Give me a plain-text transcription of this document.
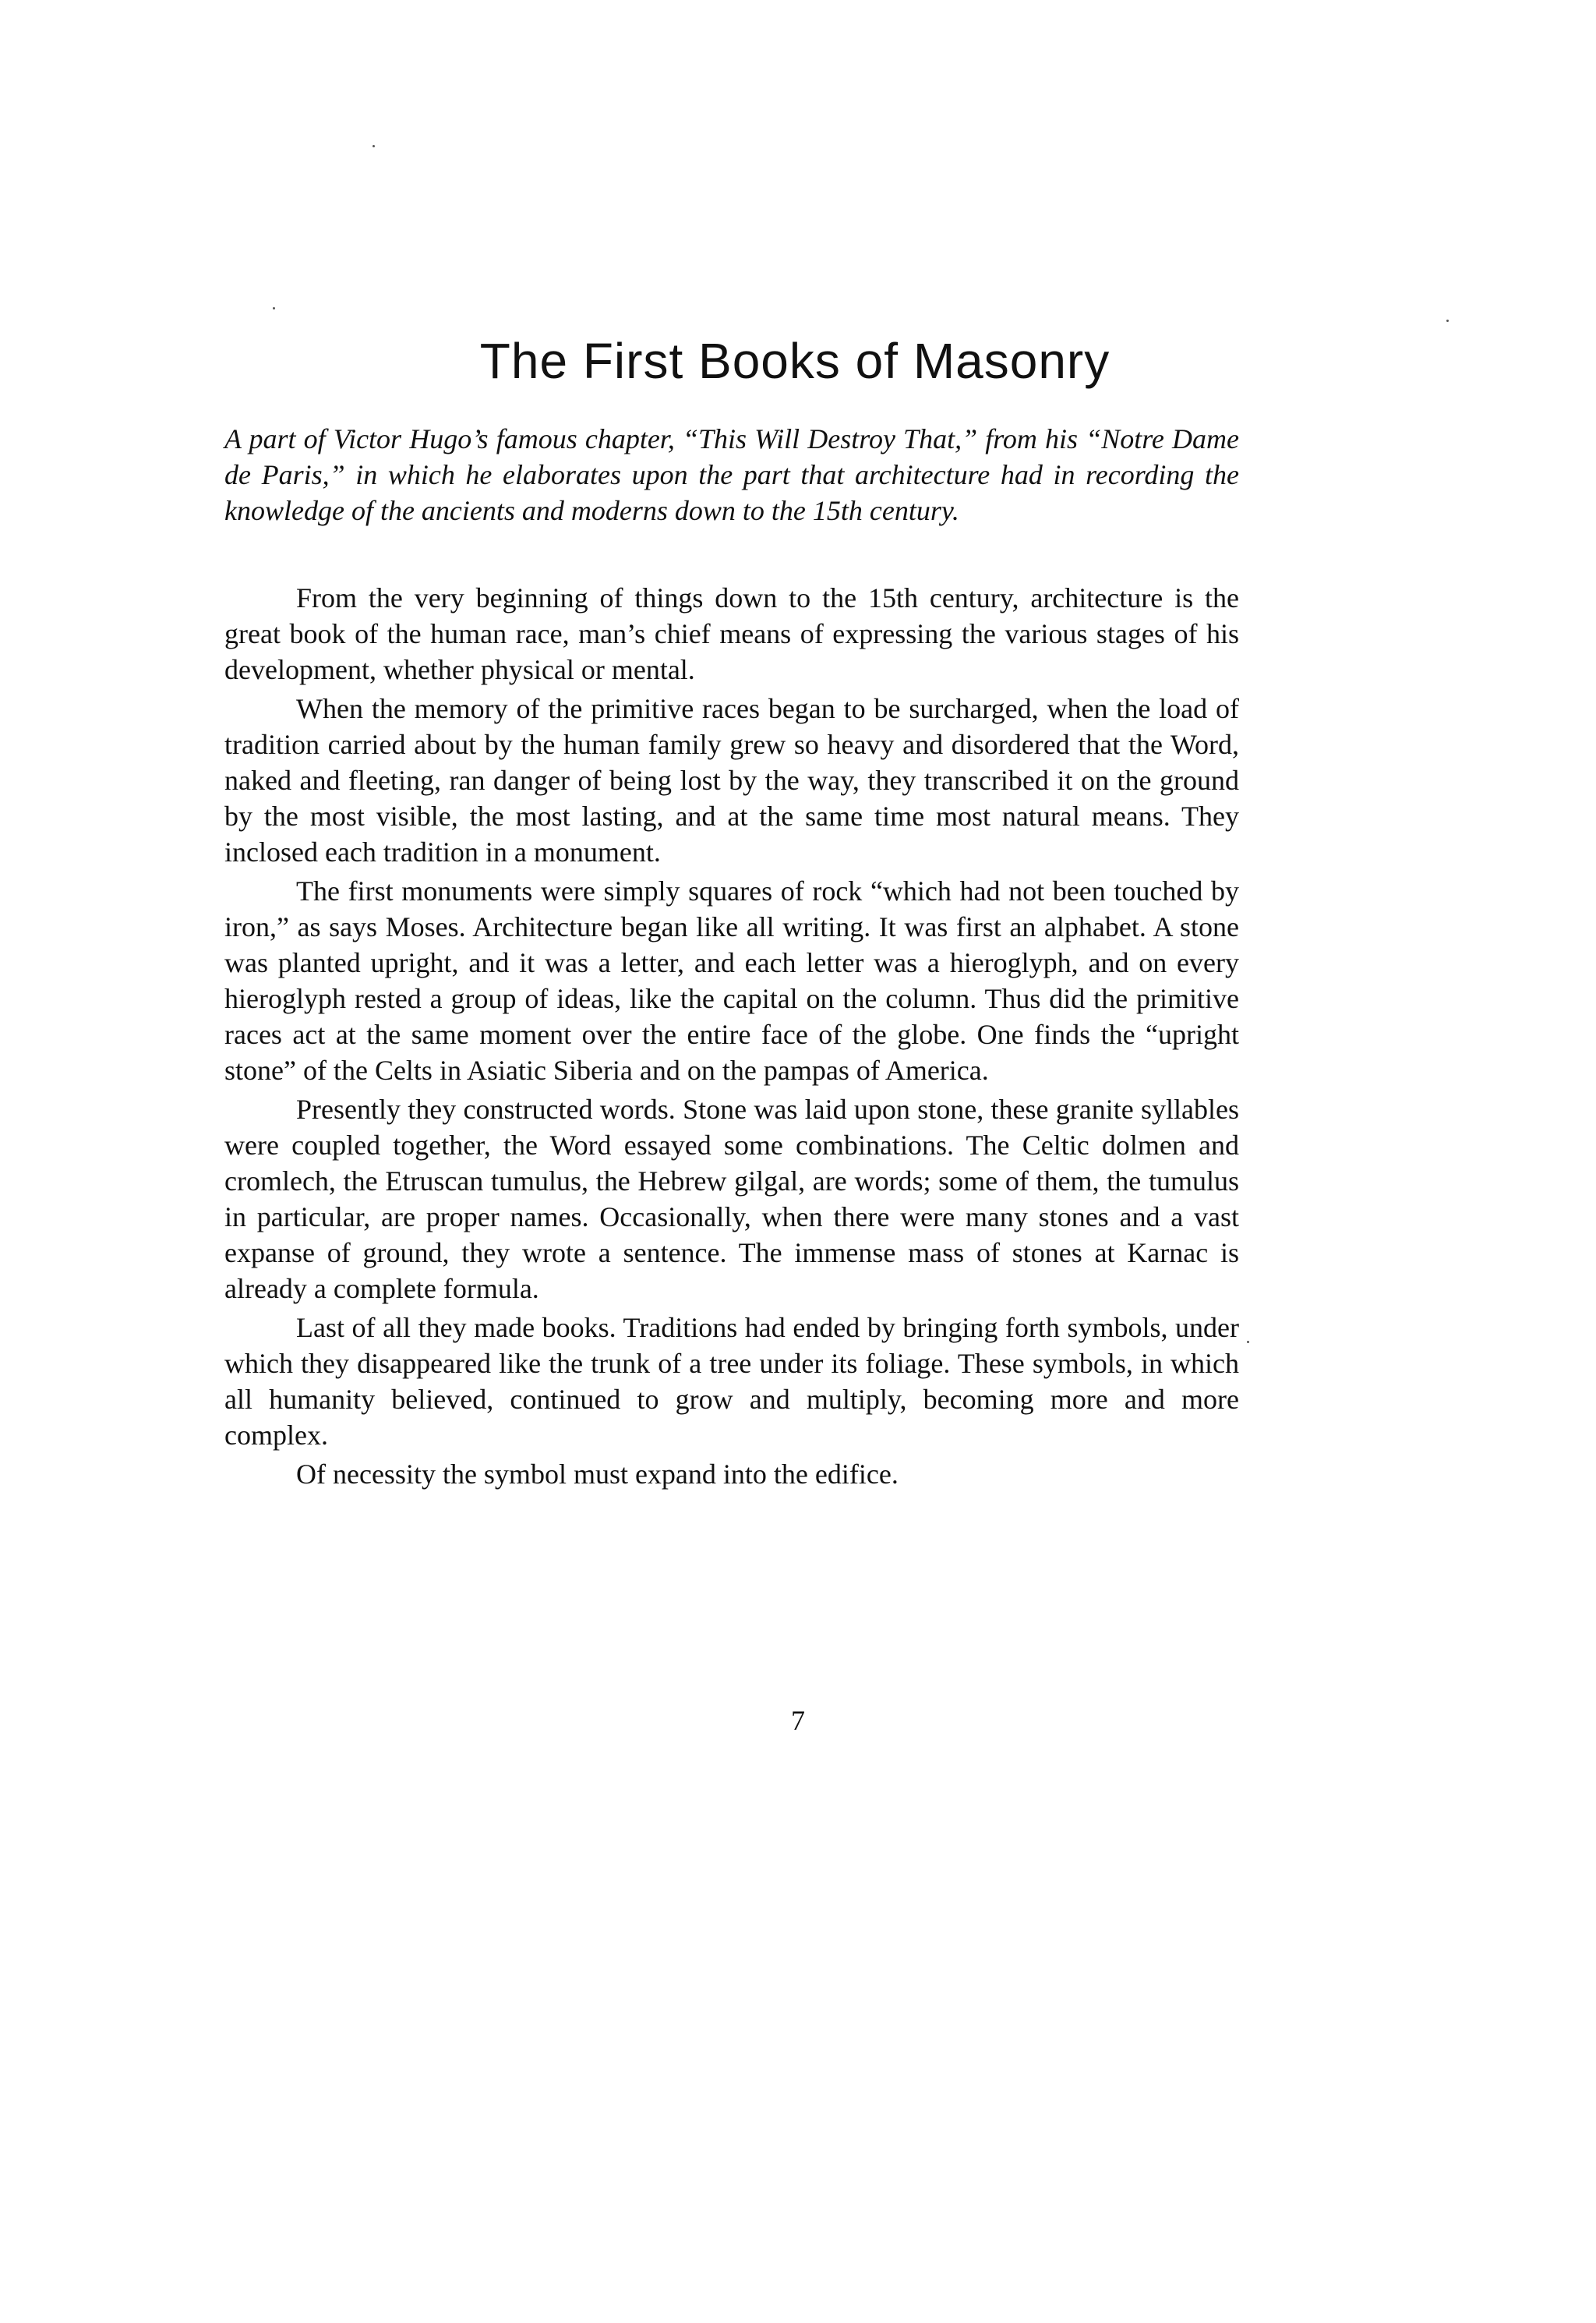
The First Books of Masonry
A part of Victor Hugo’s famous chapter, “This Will Destroy That,” from his “Notre Dame de Paris,” in which he elaborates upon the part that architecture had in recording the knowledge of the ancients and moderns down to the 15th century.

From the very beginning of things down to the 15th century, architecture is the great book of the human race, man’s chief means of expressing the various stages of his development, whether physical or mental.

When the memory of the primitive races began to be surcharged, when the load of tradition carried about by the human family grew so heavy and disordered that the Word, naked and fleeting, ran danger of being lost by the way, they transcribed it on the ground by the most visible, the most lasting, and at the same time most natural means. They inclosed each tradition in a monument.

The first monuments were simply squares of rock “which had not been touched by iron,” as says Moses. Architecture began like all writing. It was first an alphabet. A stone was planted upright, and it was a letter, and each letter was a hieroglyph, and on every hieroglyph rested a group of ideas, like the capital on the column. Thus did the primitive races act at the same moment over the entire face of the globe. One finds the “upright stone” of the Celts in Asiatic Siberia and on the pampas of America.

Presently they constructed words. Stone was laid upon stone, these granite syllables were coupled together, the Word essayed some combinations. The Celtic dolmen and cromlech, the Etruscan tumulus, the Hebrew gilgal, are words; some of them, the tumulus in particular, are proper names. Occasionally, when there were many stones and a vast expanse of ground, they wrote a sentence. The immense mass of stones at Karnac is already a complete formula.

Last of all they made books. Traditions had ended by bringing forth symbols, under which they disappeared like the trunk of a tree under its foliage. These symbols, in which all humanity believed, continued to grow and multiply, becoming more and more complex.

Of necessity the symbol must expand into the edifice.

7
